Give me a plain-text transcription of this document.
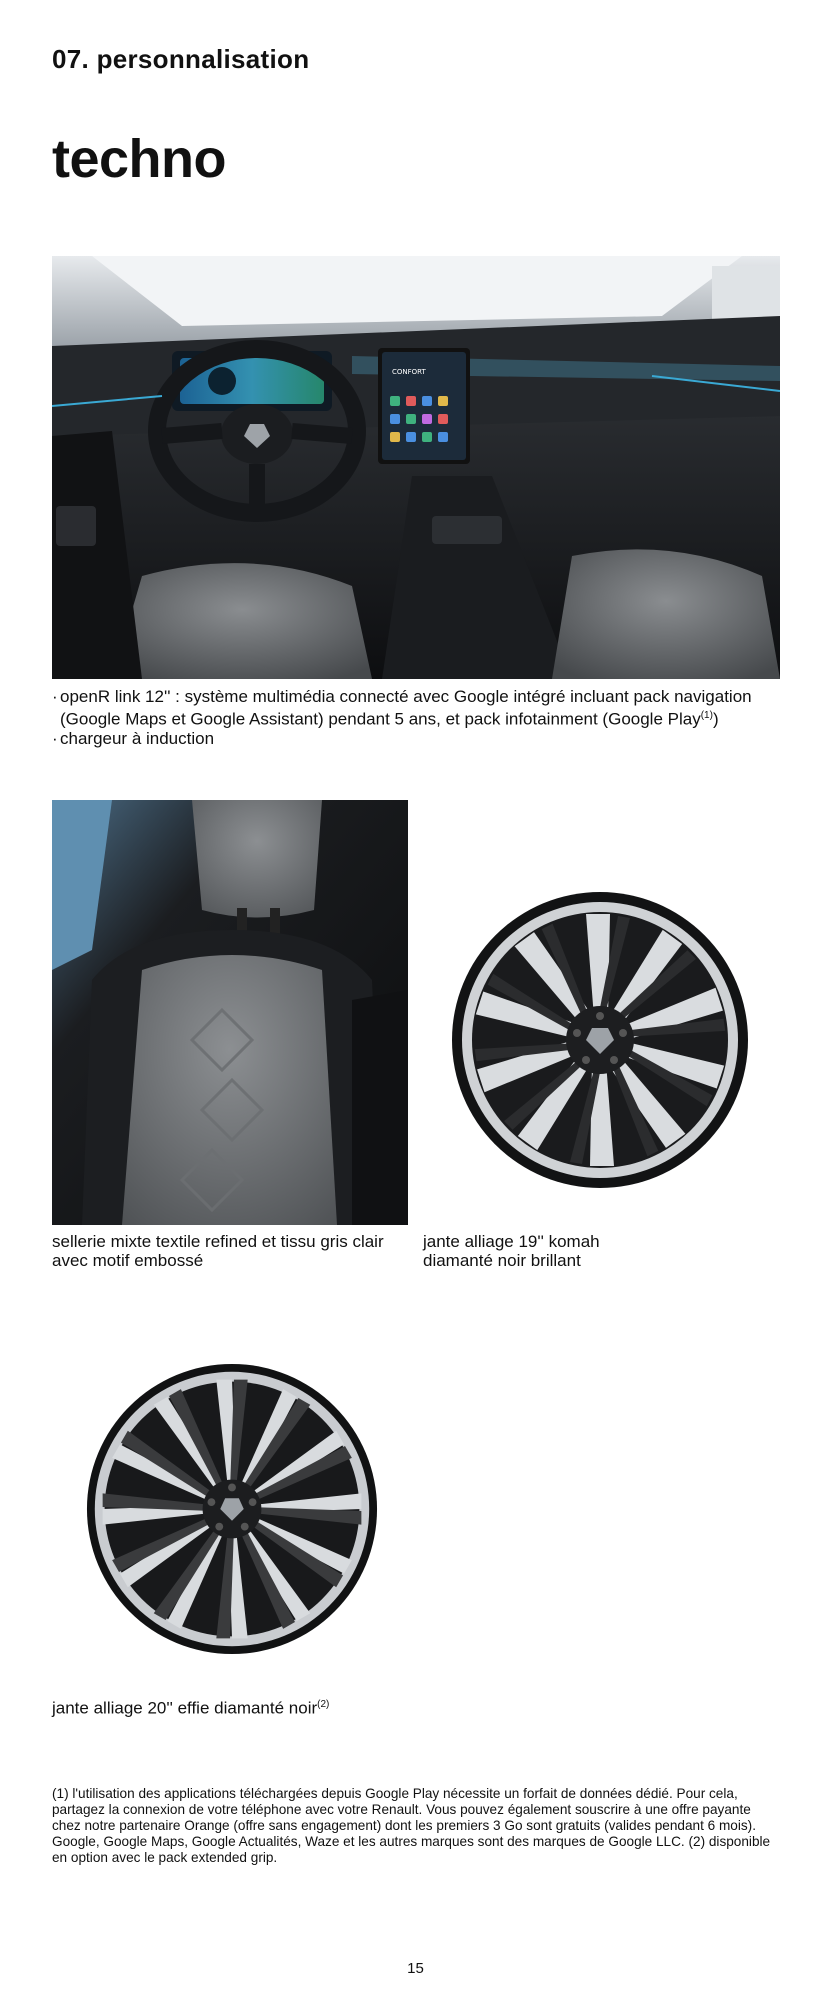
07. personnalisation
techno
CONFORT
· openR link 12'' : système multimédia connecté avec Google intégré incluant pack navigation (Google Maps et Google Assistant) pendant 5 ans, et pack infotainment (Google Play$^{(1)}$)
· chargeur à induction
sellerie mixte textile refined et tissu gris clair avec motif embossé
jante alliage 19'' komah diamanté noir brillant
jante alliage 20'' effie diamanté noir$^{(2)}$
(1) l'utilisation des applications téléchargées depuis Google Play nécessite un forfait de données dédié. Pour cela, partagez la connexion de votre téléphone avec votre Renault. Vous pouvez également souscrire à une offre payante chez notre partenaire Orange (offre sans engagement) dont les premiers 3 Go sont gratuits (valides pendant 6 mois). Google, Google Maps, Google Actualités, Waze et les autres marques sont des marques de Google LLC. (2) disponible en option avec le pack extended grip.
15
